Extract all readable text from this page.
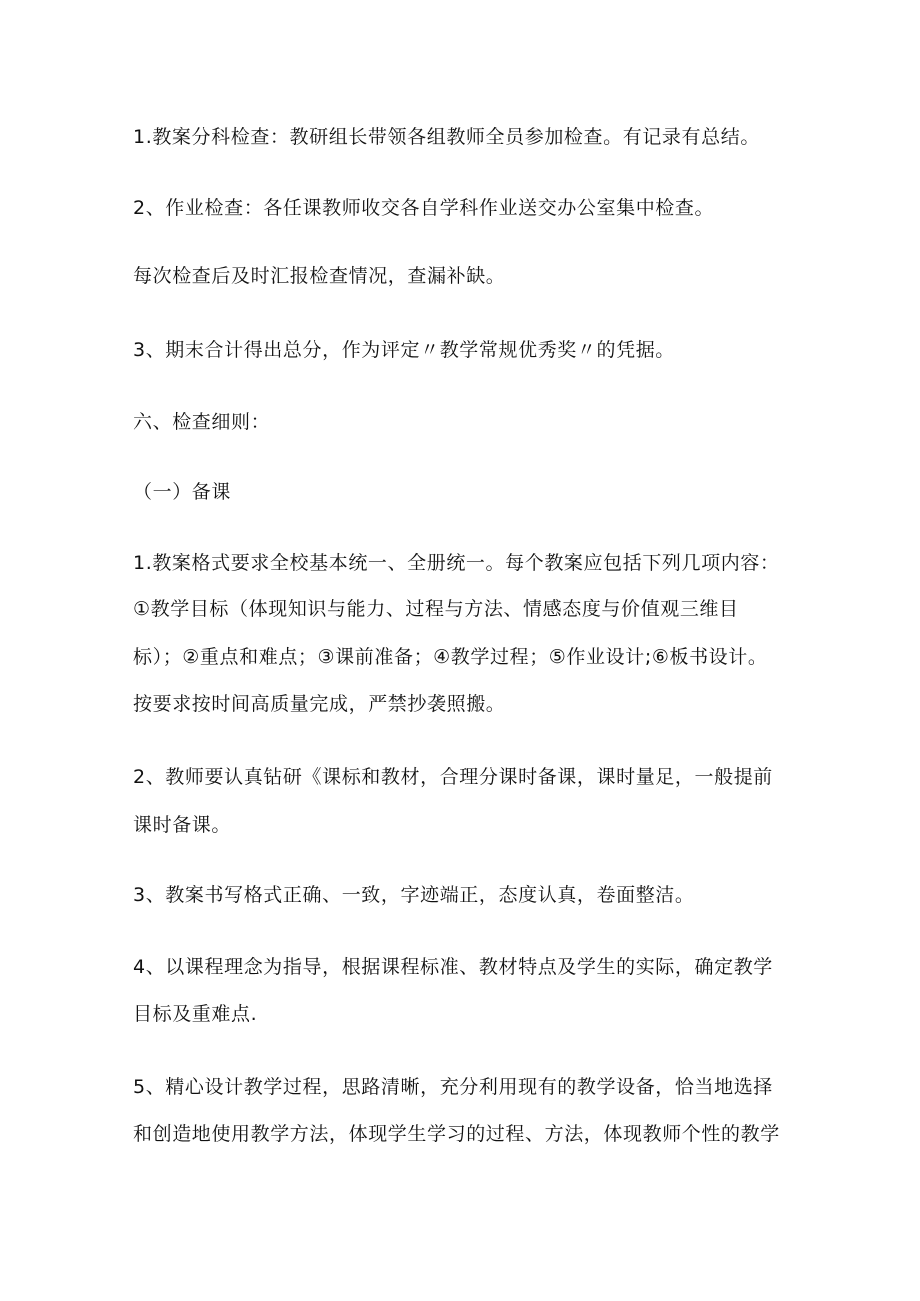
1.教案分科检查：教研组长带领各组教师全员参加检查。有记录有总结。
2、作业检查：各任课教师收交各自学科作业送交办公室集中检查。
每次检查后及时汇报检查情况，查漏补缺。
3、期末合计得出总分，作为评定〃教学常规优秀奖〃的凭据。
六、检查细则：
（一）备课
1.教案格式要求全校基本统一、全册统一。每个教案应包括下列几项内容：
①教学目标（体现知识与能力、过程与方法、情感态度与价值观三维目
标）；②重点和难点；③课前准备；④教学过程；⑤作业设计;⑥板书设计。
按要求按时间高质量完成，严禁抄袭照搬。
2、教师要认真钻研《课标和教材，合理分课时备课，课时量足，一般提前
课时备课。
3、教案书写格式正确、一致，字迹端正，态度认真，卷面整洁。
4、以课程理念为指导，根据课程标准、教材特点及学生的实际，确定教学
目标及重难点.
5、精心设计教学过程，思路清晰，充分利用现有的教学设备，恰当地选择
和创造地使用教学方法，体现学生学习的过程、方法，体现教师个性的教学
